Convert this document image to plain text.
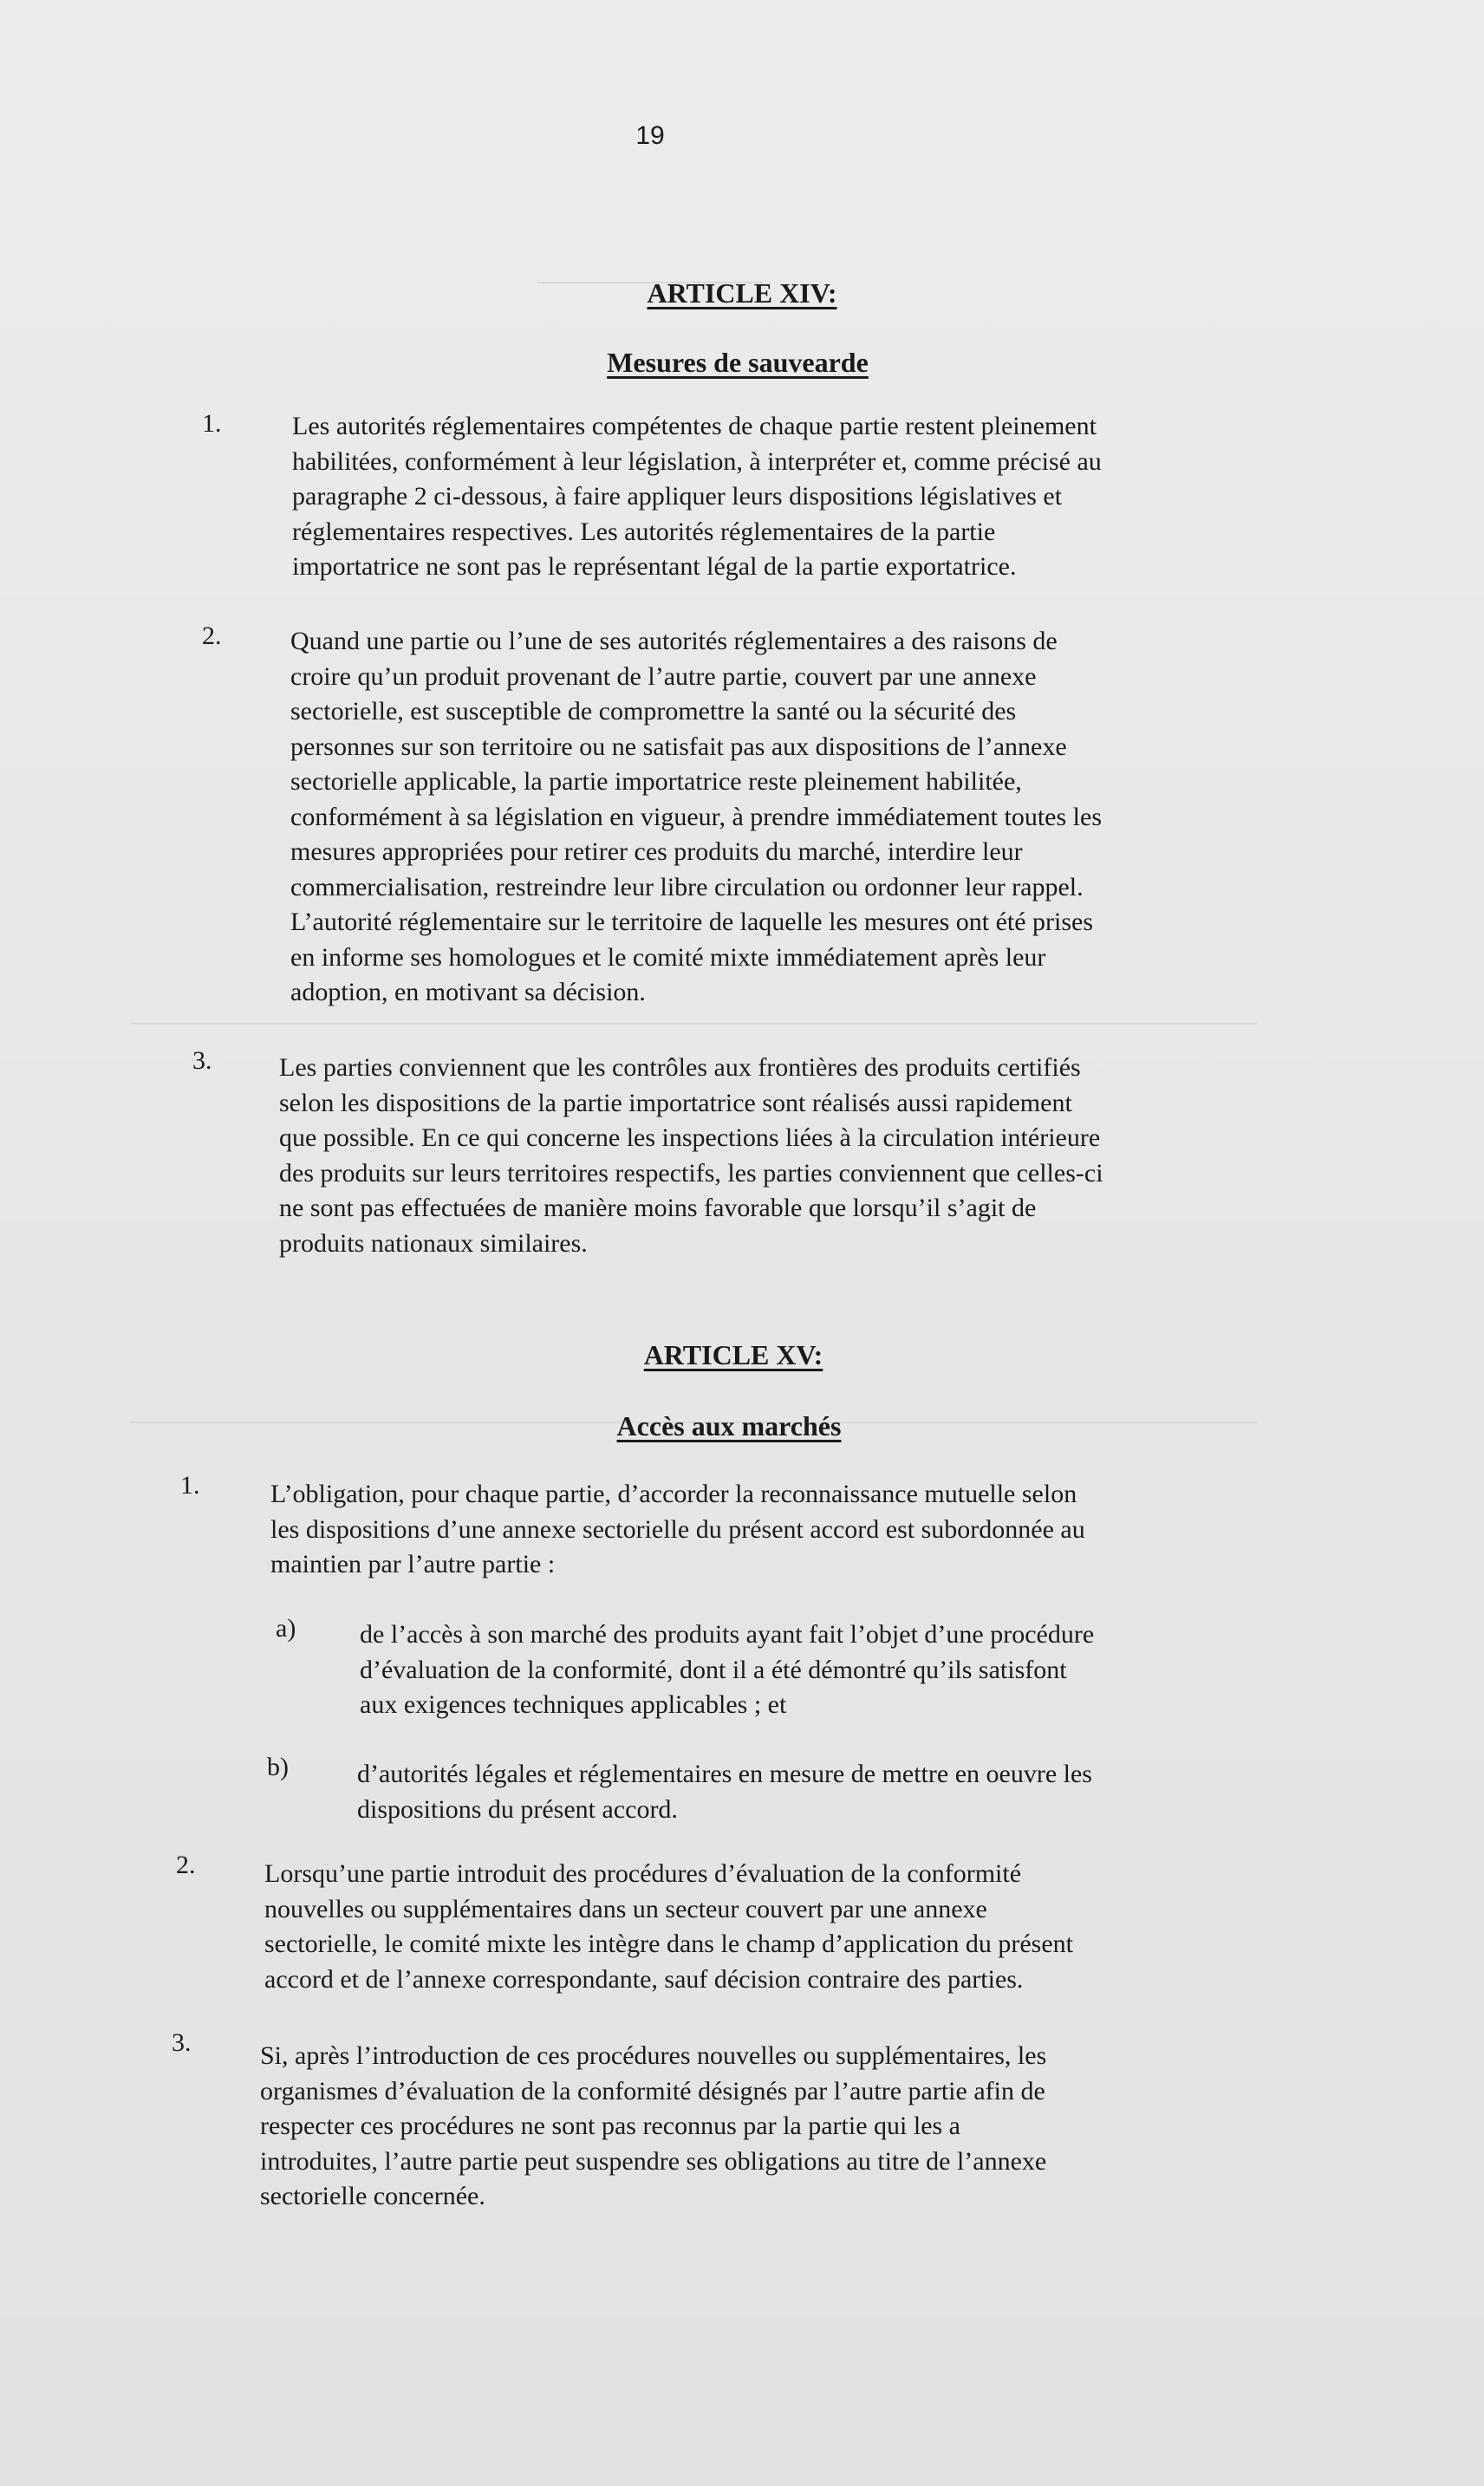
19
ARTICLE XIV:
Mesures de sauvearde
1.	Les autorités réglementaires compétentes de chaque partie restent pleinement
habilitées, conformément à leur législation, à interpréter et, comme précisé au
paragraphe 2 ci-dessous, à faire appliquer leurs dispositions législatives et
réglementaires respectives. Les autorités réglementaires de la partie
importatrice ne sont pas le représentant légal de la partie exportatrice.
2.	Quand une partie ou l’une de ses autorités réglementaires a des raisons de
croire qu’un produit provenant de l’autre partie, couvert par une annexe
sectorielle, est susceptible de compromettre la santé ou la sécurité des
personnes sur son territoire ou ne satisfait pas aux dispositions de l’annexe
sectorielle applicable, la partie importatrice reste pleinement habilitée,
conformément à sa législation en vigueur, à prendre immédiatement toutes les
mesures appropriées pour retirer ces produits du marché, interdire leur
commercialisation, restreindre leur libre circulation ou ordonner leur rappel.
L’autorité réglementaire sur le territoire de laquelle les mesures ont été prises
en informe ses homologues et le comité mixte immédiatement après leur
adoption, en motivant sa décision.
3.	Les parties conviennent que les contrôles aux frontières des produits certifiés
selon les dispositions de la partie importatrice sont réalisés aussi rapidement
que possible. En ce qui concerne les inspections liées à la circulation intérieure
des produits sur leurs territoires respectifs, les parties conviennent que celles-ci
ne sont pas effectuées de manière moins favorable que lorsqu’il s’agit de
produits nationaux similaires.
ARTICLE XV:
Accès aux marchés
1.	L’obligation, pour chaque partie, d’accorder la reconnaissance mutuelle selon
les dispositions d’une annexe sectorielle du présent accord est subordonnée au
maintien par l’autre partie :
a) de l’accès à son marché des produits ayant fait l’objet d’une procédure
d’évaluation de la conformité, dont il a été démontré qu’ils satisfont
aux exigences techniques applicables ; et
b)	d’autorités légales et réglementaires en mesure de mettre en oeuvre les
dispositions du présent accord.
2.	Lorsqu’une partie introduit des procédures d’évaluation de la conformité
nouvelles ou supplémentaires dans un secteur couvert par une annexe
sectorielle, le comité mixte les intègre dans le champ d’application du présent
accord et de l’annexe correspondante, sauf décision contraire des parties.
3.	Si, après l’introduction de ces procédures nouvelles ou supplémentaires, les
organismes d’évaluation de la conformité désignés par l’autre partie afin de
respecter ces procédures ne sont pas reconnus par la partie qui les a
introduites, l’autre partie peut suspendre ses obligations au titre de l’annexe
sectorielle concernée.
